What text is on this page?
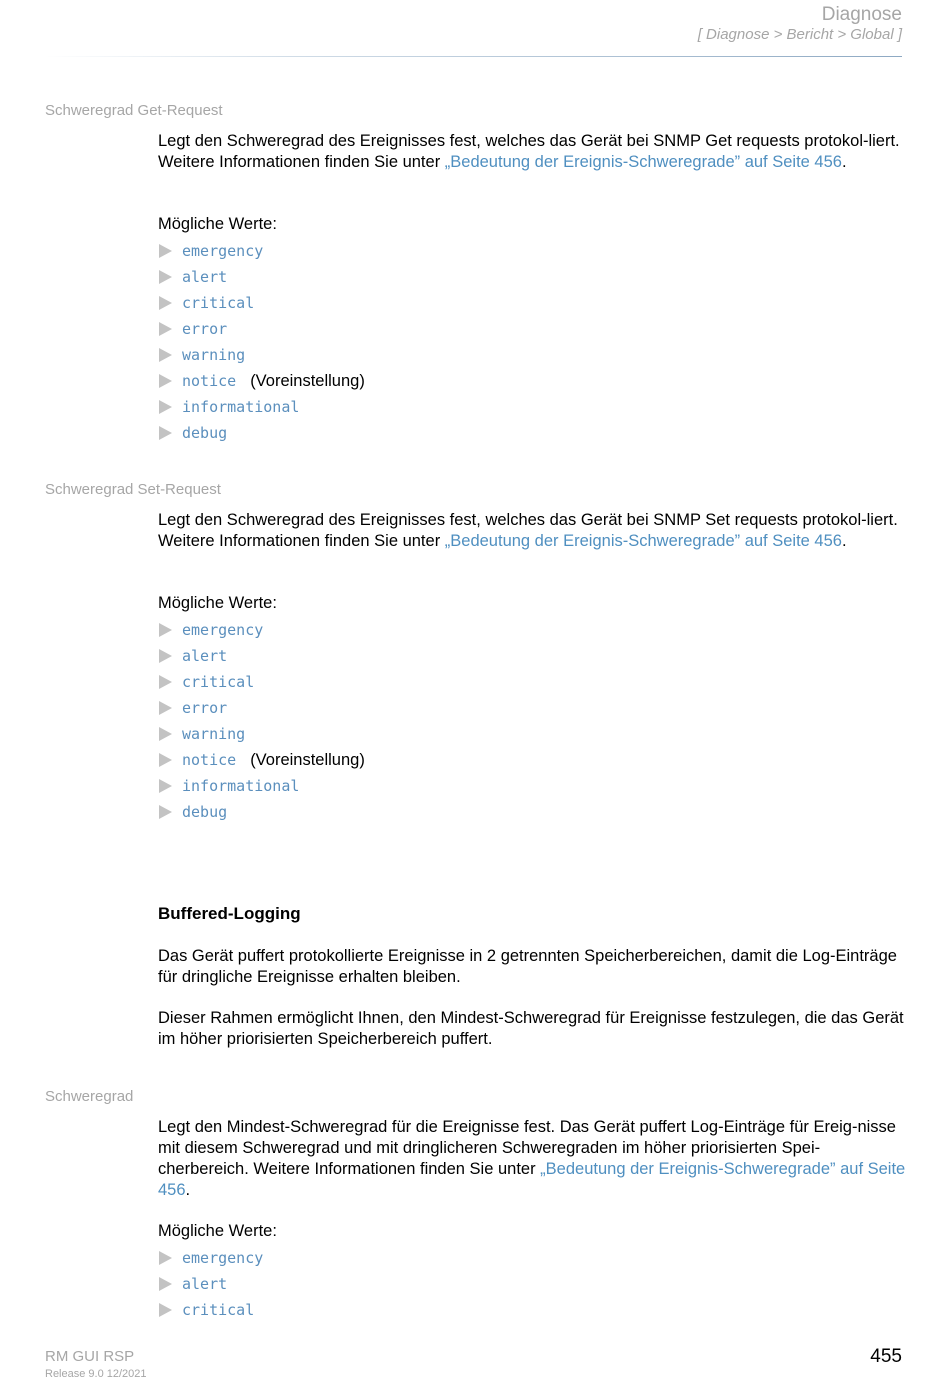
Diagnose
[ Diagnose > Bericht > Global ]
Schweregrad Get-Request

Legt den Schweregrad des Ereignisses fest, welches das Gerät bei SNMP Get requests protokol-liert. Weitere Informationen finden Sie unter „Bedeutung der Ereignis-Schweregrade” auf Seite 456.

Mögliche Werte:

emergency
alert
critical
error
warning
notice (Voreinstellung)
informational
debug
Schweregrad Set-Request

Legt den Schweregrad des Ereignisses fest, welches das Gerät bei SNMP Set requests protokol-liert. Weitere Informationen finden Sie unter „Bedeutung der Ereignis-Schweregrade” auf Seite 456.

Mögliche Werte:

emergency
alert
critical
error
warning
notice (Voreinstellung)
informational
debug
Buffered-Logging

Das Gerät puffert protokollierte Ereignisse in 2 getrennten Speicherbereichen, damit die Log-Einträge für dringliche Ereignisse erhalten bleiben.

Dieser Rahmen ermöglicht Ihnen, den Mindest-Schweregrad für Ereignisse festzulegen, die das Gerät im höher priorisierten Speicherbereich puffert.

Schweregrad

Legt den Mindest-Schweregrad für die Ereignisse fest. Das Gerät puffert Log-Einträge für Ereig-nisse mit diesem Schweregrad und mit dringlicheren Schweregraden im höher priorisierten Spei-cherbereich. Weitere Informationen finden Sie unter „Bedeutung der Ereignis-Schweregrade” auf Seite 456.

Mögliche Werte:

emergency
alert
critical
RM GUI RSP
Release 9.0 12/2021
455
